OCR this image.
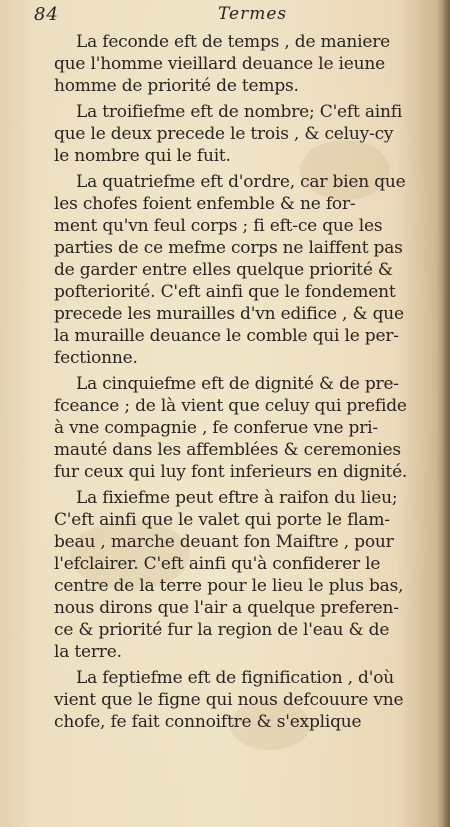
84	Termes
La feconde eft de temps , de maniere
que l'homme vieillard deuance le ieune
homme de priorité de temps.
La troifiefme eft de nombre; C'eft ainfi
que le deux precede le trois , & celuy-cy
le nombre qui le fuit.
La quatriefme eft d'ordre, car bien que
les chofes foient enfemble & ne for-
ment qu'vn feul corps ; fi eft-ce que les
parties de ce mefme corps ne laiffent pas
de garder entre elles quelque priorité &
pofteriorité. C'eft ainfi que le fondement
precede les murailles d'vn edifice , & que
la muraille deuance le comble qui le per-
fectionne.
La cinquiefme eft de dignité & de pre-
fceance ; de là vient que celuy qui prefide
à vne compagnie , fe conferue vne pri-
mauté dans les affemblées & ceremonies
fur ceux qui luy font inferieurs en dignité.
La fixiefme peut eftre à raifon du lieu;
C'eft ainfi que le valet qui porte le flam-
beau , marche deuant fon Maiftre , pour
l'efclairer. C'eft ainfi qu'à confiderer le
centre de la terre pour le lieu le plus bas,
nous dirons que l'air a quelque preferen-
ce & priorité fur la region de l'eau & de
la terre.
La feptiefme eft de fignification , d'où
vient que le figne qui nous defcouure vne
chofe, fe fait connoiftre & s'explique
